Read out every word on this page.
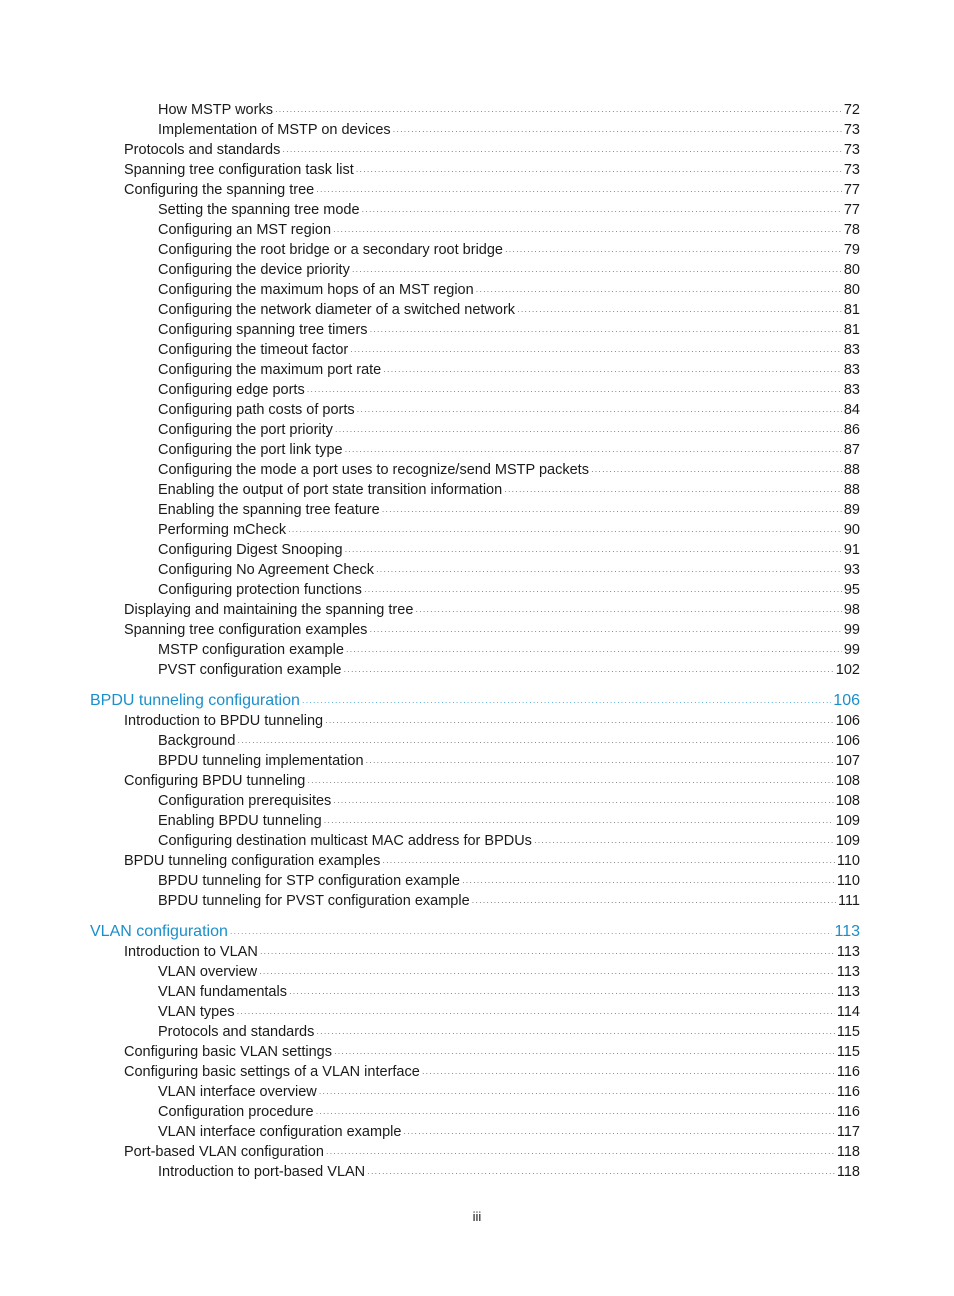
How MSTP works ·····	72
Implementation of MSTP on devices ·····	73
Protocols and standards ·····	73
Spanning tree configuration task list ·····	73
Configuring the spanning tree ·····	77
Setting the spanning tree mode ·····	77
Configuring an MST region ·····	78
Configuring the root bridge or a secondary root bridge ·····	79
Configuring the device priority ·····	80
Configuring the maximum hops of an MST region ·····	80
Configuring the network diameter of a switched network ·····	81
Configuring spanning tree timers ·····	81
Configuring the timeout factor ·····	83
Configuring the maximum port rate ·····	83
Configuring edge ports ·····	83
Configuring path costs of ports ·····	84
Configuring the port priority ·····	86
Configuring the port link type ·····	87
Configuring the mode a port uses to recognize/send MSTP packets ·····	88
Enabling the output of port state transition information ·····	88
Enabling the spanning tree feature ·····	89
Performing mCheck ·····	90
Configuring Digest Snooping ·····	91
Configuring No Agreement Check ·····	93
Configuring protection functions ·····	95
Displaying and maintaining the spanning tree ·····	98
Spanning tree configuration examples ·····	99
MSTP configuration example ·····	99
PVST configuration example ·····	102
BPDU tunneling configuration ·····	106
Introduction to BPDU tunneling ·····	106
Background ·····	106
BPDU tunneling implementation ·····	107
Configuring BPDU tunneling ·····	108
Configuration prerequisites ·····	108
Enabling BPDU tunneling ·····	109
Configuring destination multicast MAC address for BPDUs ·····	109
BPDU tunneling configuration examples ·····	110
BPDU tunneling for STP configuration example ·····	110
BPDU tunneling for PVST configuration example ·····	111
VLAN configuration ·····	113
Introduction to VLAN ·····	113
VLAN overview ·····	113
VLAN fundamentals ·····	113
VLAN types ·····	114
Protocols and standards ·····	115
Configuring basic VLAN settings ·····	115
Configuring basic settings of a VLAN interface ·····	116
VLAN interface overview ·····	116
Configuration procedure ·····	116
VLAN interface configuration example ·····	117
Port-based VLAN configuration ·····	118
Introduction to port-based VLAN ·····	118
iii
